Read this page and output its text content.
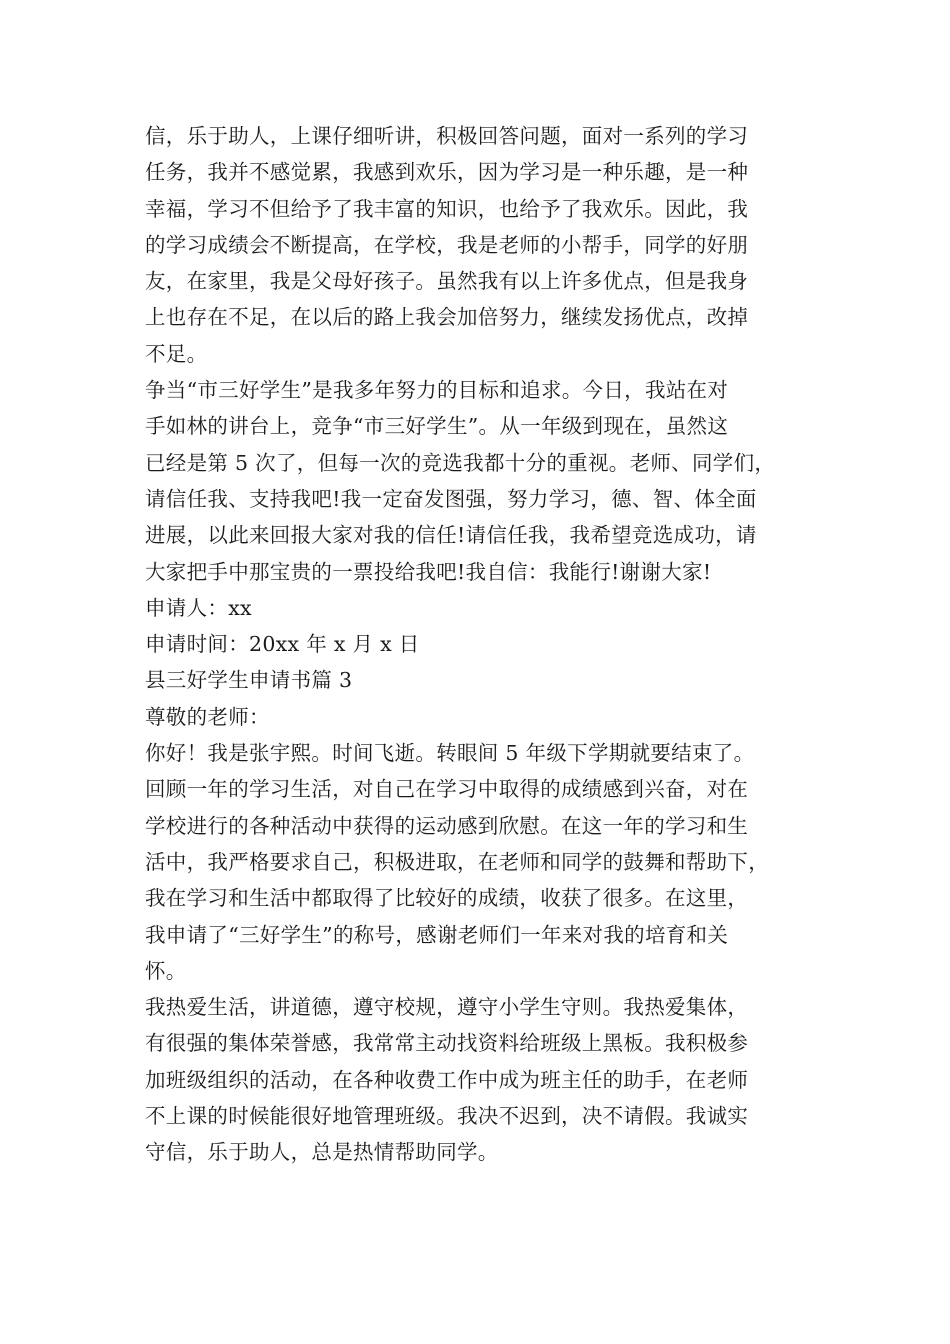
信，乐于助人，上课仔细听讲，积极回答问题，面对一系列的学习
任务，我并不感觉累，我感到欢乐，因为学习是一种乐趣，是一种
幸福，学习不但给予了我丰富的知识，也给予了我欢乐。因此，我
的学习成绩会不断提高，在学校，我是老师的小帮手，同学的好朋
友，在家里，我是父母好孩子。虽然我有以上许多优点，但是我身
上也存在不足，在以后的路上我会加倍努力，继续发扬优点，改掉
不足。
争当“市三好学生”是我多年努力的目标和追求。今日，我站在对
手如林的讲台上，竞争“市三好学生”。从一年级到现在，虽然这
已经是第 5 次了，但每一次的竞选我都十分的重视。老师、同学们，
请信任我、支持我吧!我一定奋发图强，努力学习，德、智、体全面
进展，以此来回报大家对我的信任!请信任我，我希望竞选成功，请
大家把手中那宝贵的一票投给我吧!我自信：我能行!谢谢大家!
申请人：xx
申请时间：20xx 年 x 月 x 日
县三好学生申请书篇 3
尊敬的老师：
你好！我是张宇熙。时间飞逝。转眼间 5 年级下学期就要结束了。
回顾一年的学习生活，对自己在学习中取得的成绩感到兴奋，对在
学校进行的各种活动中获得的运动感到欣慰。在这一年的学习和生
活中，我严格要求自己，积极进取，在老师和同学的鼓舞和帮助下，
我在学习和生活中都取得了比较好的成绩，收获了很多。在这里，
我申请了“三好学生”的称号，感谢老师们一年来对我的培育和关
怀。
我热爱生活，讲道德，遵守校规，遵守小学生守则。我热爱集体，
有很强的集体荣誉感，我常常主动找资料给班级上黑板。我积极参
加班级组织的活动，在各种收费工作中成为班主任的助手，在老师
不上课的时候能很好地管理班级。我决不迟到，决不请假。我诚实
守信，乐于助人，总是热情帮助同学。
